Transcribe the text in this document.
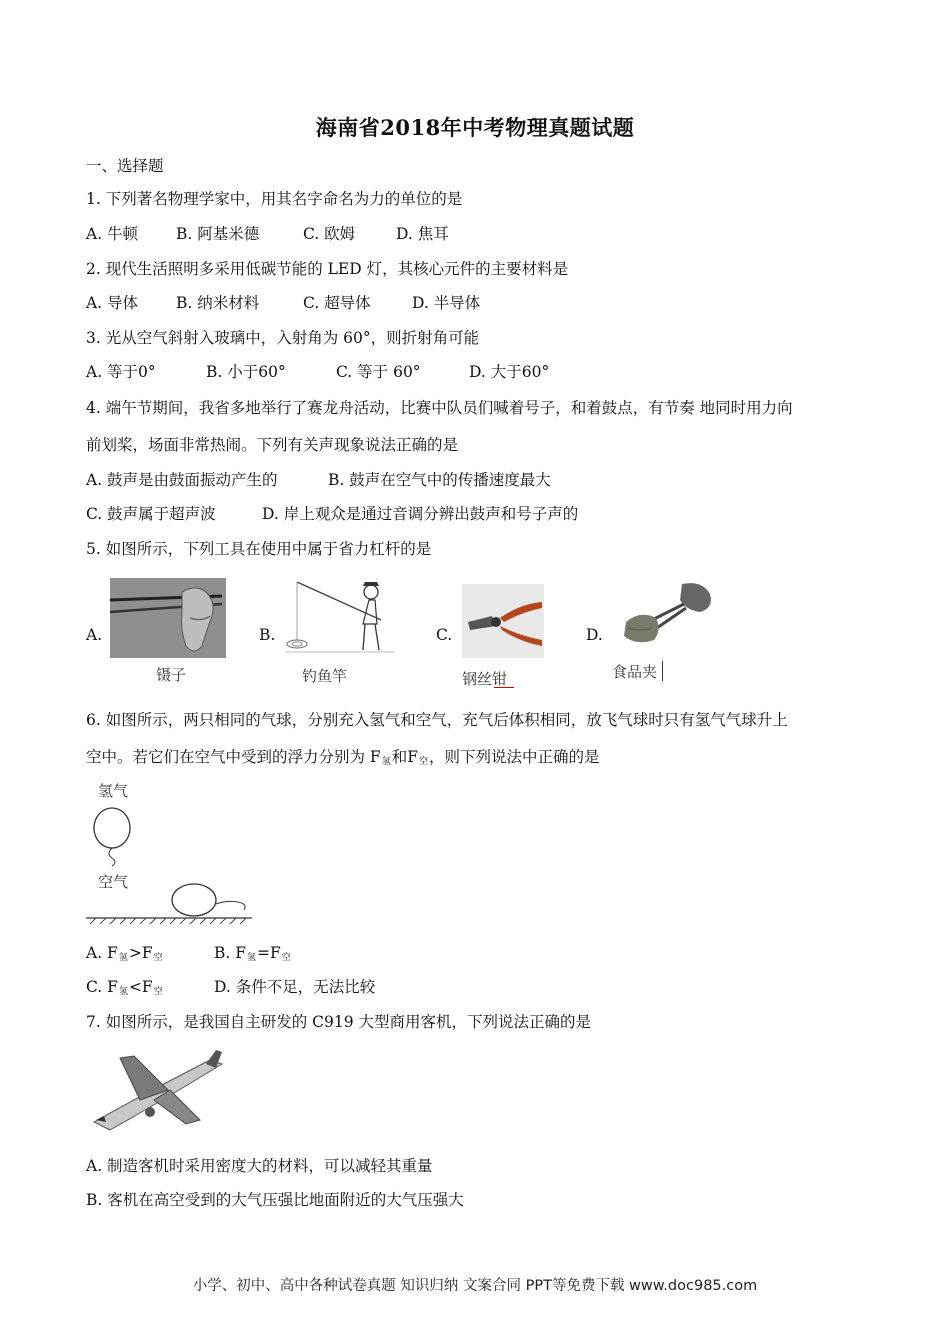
海南省2018年中考物理真题试题
一、选择题
1. 下列著名物理学家中，用其名字命名为力的单位的是
A. 牛顿 B. 阿基米德	C. 欧姆	D. 焦耳
2. 现代生活照明多采用低碳节能的 LED 灯，其核心元件的主要材料是
A. 导体 B. 纳米材料	C. 超导体	D. 半导体
3. 光从空气斜射入玻璃中，入射角为 60°，则折射角可能
A. 等于0°	B. 小于60°	C. 等于 60°	D. 大于60°
4. 端午节期间，我省多地举行了赛龙舟活动，比赛中队员们喊着号子，和着鼓点，有节奏 地同时用力向
前划桨，场面非常热闹。下列有关声现象说法正确的是
A. 鼓声是由鼓面振动产生的	B. 鼓声在空气中的传播速度最大
C. 鼓声属于超声波	D. 岸上观众是通过音调分辨出鼓声和号子声的
5. 如图所示，下列工具在使用中属于省力杠杆的是
A.	B.	C.	D.
镊子	钓鱼竿	钢丝钳	食品夹
6. 如图所示，两只相同的气球，分别充入氢气和空气，充气后体积相同，放飞气球时只有氢气气球升上
空中。若它们在空气中受到的浮力分别为 $F_氢$和$F_空$，则下列说法中正确的是
氢气
空气
A. $F_氢>F_空$	B. $F_氢=F_空$
C. $F_氢<F_空$	D. 条件不足，无法比较
7. 如图所示，是我国自主研发的 C919 大型商用客机，下列说法正确的是
A. 制造客机时采用密度大的材料，可以减轻其重量
B. 客机在高空受到的大气压强比地面附近的大气压强大
小学、初中、高中各种试卷真题 知识归纳 文案合同 PPT等免费下载 www.doc985.com
